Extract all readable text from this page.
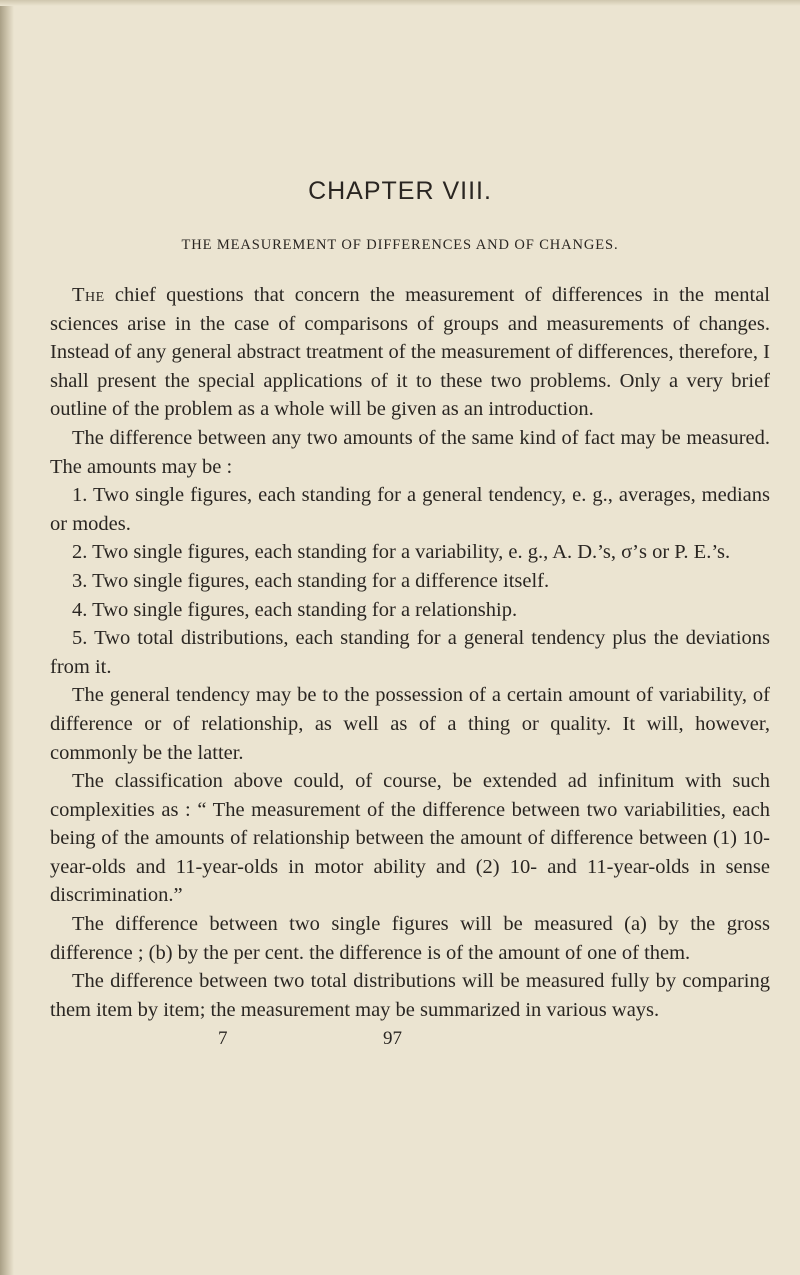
CHAPTER VIII.
THE MEASUREMENT OF DIFFERENCES AND OF CHANGES.

The chief questions that concern the measurement of differences in the mental sciences arise in the case of comparisons of groups and measurements of changes. Instead of any general abstract treatment of the measurement of differences, therefore, I shall present the special applications of it to these two problems. Only a very brief outline of the problem as a whole will be given as an introduction.

The difference between any two amounts of the same kind of fact may be measured. The amounts may be :

1. Two single figures, each standing for a general tendency, e. g., averages, medians or modes.

2. Two single figures, each standing for a variability, e. g., A. D.’s, σ’s or P. E.’s.

3. Two single figures, each standing for a difference itself.

4. Two single figures, each standing for a relationship.

5. Two total distributions, each standing for a general tendency plus the deviations from it.

The general tendency may be to the possession of a certain amount of variability, of difference or of relationship, as well as of a thing or quality. It will, however, commonly be the latter.

The classification above could, of course, be extended ad infinitum with such complexities as : “ The measurement of the difference between two variabilities, each being of the amounts of relationship between the amount of difference between (1) 10-year-olds and 11-year-olds in motor ability and (2) 10- and 11-year-olds in sense discrimination.”

The difference between two single figures will be measured (a) by the gross difference ; (b) by the per cent. the difference is of the amount of one of them.

The difference between two total distributions will be measured fully by comparing them item by item; the measurement may be summarized in various ways.

7	97
